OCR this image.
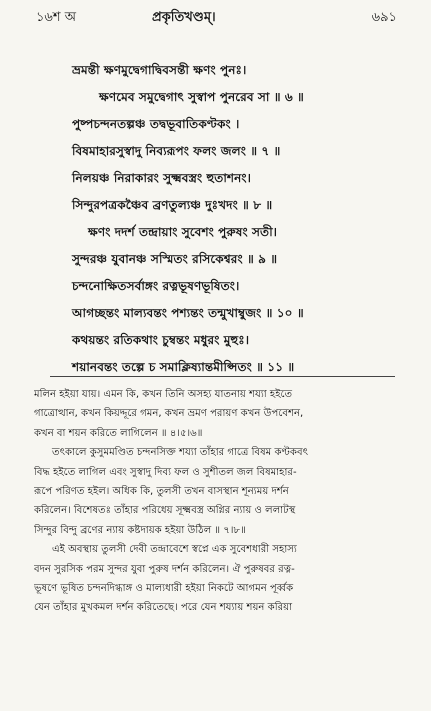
১৬শ অ	প্রকৃতিখণ্ডম্‌।	৬৯১
ভ্রমন্তী ক্ষণমুদ্বেগাদ্বিবসন্তী ক্ষণং পুনঃ।
ক্ষণমেব সমুদ্বেগাৎ সুস্বাপ পুনরেব সা ॥ ৬ ॥
পুষ্পচন্দনতল্পঞ্চ তদ্বভূবাতিকণ্টকং ।
বিষমাহারসুস্বাদু নিব্যরূপং ফলং জলং ॥ ৭ ॥
নিলয়ঞ্চ নিরাকারং সুক্ষ্মবস্ত্রং হুতাশনং।
সিন্দুরপত্রকঞ্চৈব ব্রণতুল্যঞ্চ দুঃখদং ॥ ৮ ॥
ক্ষণং দদর্শ তন্দ্রায়াং সুবেশং পুরুষং সতী।
সুন্দরঞ্চ যুবানঞ্চ সস্মিতং রসিকেশ্বরং ॥ ৯ ॥
চন্দনোক্ষিতসর্বাঙ্গং রত্নভূষণভূষিতং।
আগচ্ছন্তং মাল্যবন্তং পশ্যন্তং তন্মুখাম্বুজং ॥ ১০ ॥
কথয়ন্তং রতিকথাং চুম্বন্তং মধুরং মুহুঃ।
শয়ানবন্তং তল্পে চ সমাক্লিষ্যান্তমীপ্সিতং ॥ ১১ ॥
মলিন হইয়া যায়। এমন কি, কখন তিনি অসহ্য যাতনায় শয্যা হইতে
গাত্রোত্থান, কখন কিয়দ্দূরে গমন, কখন ভ্রমণ পরায়ণ কখন উপবেশন,
কখন বা শয়ন করিতে লাগিলেন ॥ ৪।৫।৬॥
তৎকালে কুসুমমণ্ডিত চন্দনসিক্ত শয্যা তাঁহার গাত্রে বিষম কণ্টকবৎ
বিদ্ধ হইতে লাগিল এবং সুস্বাদু দিব্য ফল ও সুশীতল জল বিষমাহার-
রূপে পরিণত হইল। অধিক কি, তুলসী তখন বাসস্থান শূন্যময় দর্শন
করিলেন। বিশেষতঃ তাঁহার পরিধেয় সূক্ষ্মবস্ত্র অগ্নির ন্যায় ও ললাটস্থ
সিন্দুর বিন্দু ব্রণের ন্যায় কষ্টদায়ক হইয়া উঠিল ॥ ৭।৮॥
এই অবস্থায় তুলসী দেবী তন্দ্রাবেশে স্বপ্নে এক সুবেশধারী সহাস্য
বদন সুরসিক পরম সুন্দর যুবা পুরুষ দর্শন করিলেন। ঐ পুরুষবর রত্ন-
ভূষণে ভূষিত চন্দনদিগ্ধাঙ্গ ও মাল্যধারী হইয়া নিকটে আগমন পূর্ব্বক
যেন তাঁহার মুখকমল দর্শন করিতেছে। পরে যেন শয্যায় শয়ন করিয়া
